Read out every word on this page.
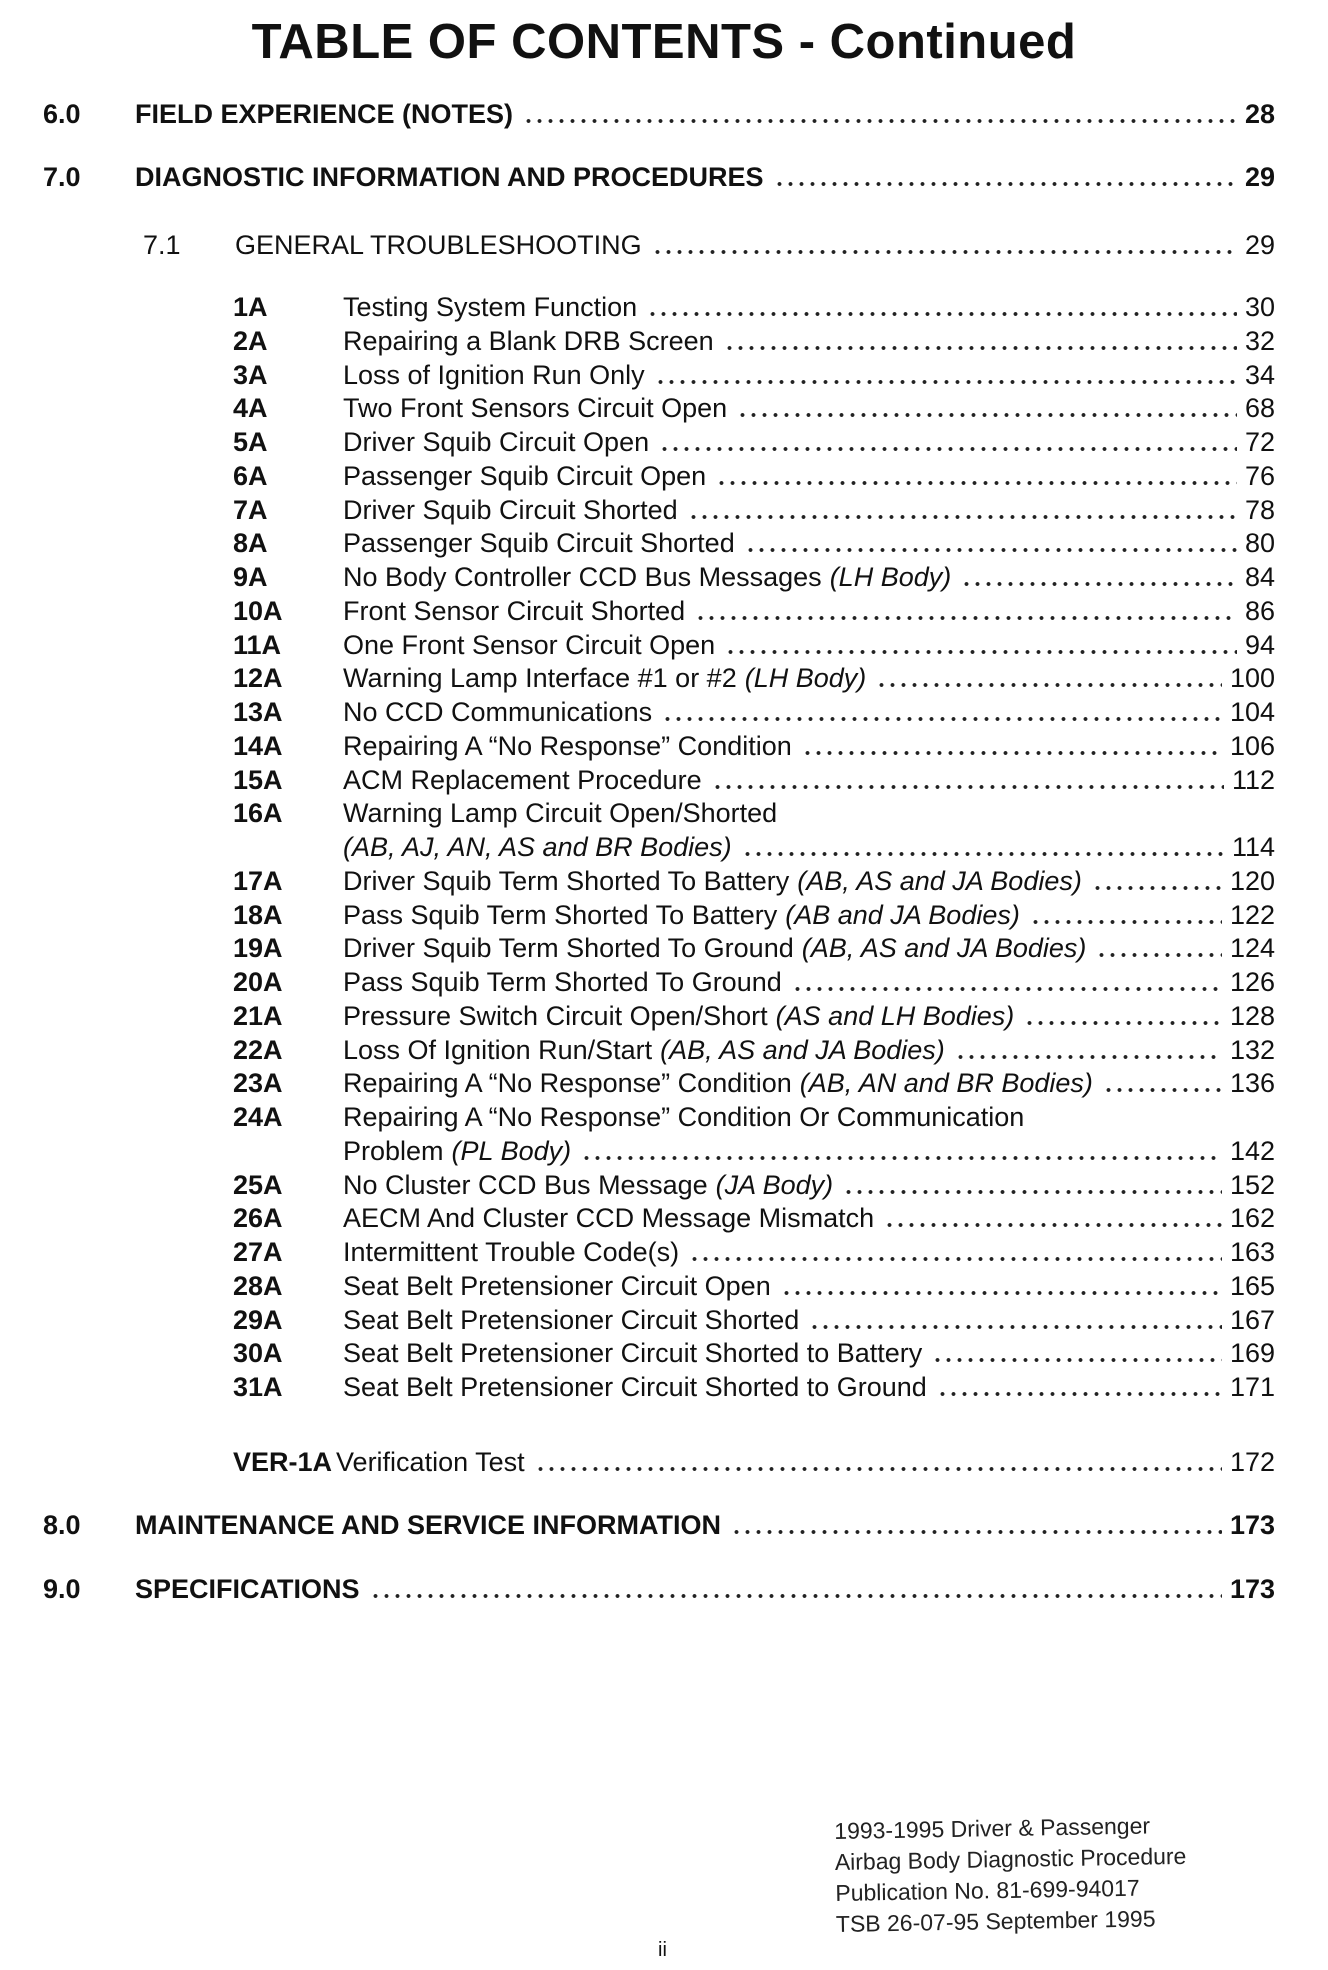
TABLE OF CONTENTS - Continued
6.0	FIELD EXPERIENCE (NOTES)	28
7.0	DIAGNOSTIC INFORMATION AND PROCEDURES	29
7.1	GENERAL TROUBLESHOOTING	29
1A	Testing System Function	30
2A	Repairing a Blank DRB Screen	32
3A	Loss of Ignition Run Only	34
4A	Two Front Sensors Circuit Open	68
5A	Driver Squib Circuit Open	72
6A	Passenger Squib Circuit Open	76
7A	Driver Squib Circuit Shorted	78
8A	Passenger Squib Circuit Shorted	80
9A	No Body Controller CCD Bus Messages (LH Body)	84
10A	Front Sensor Circuit Shorted	86
11A	One Front Sensor Circuit Open	94
12A	Warning Lamp Interface #1 or #2 (LH Body)	100
13A	No CCD Communications	104
14A	Repairing A “No Response” Condition	106
15A	ACM Replacement Procedure	112
16A	Warning Lamp Circuit Open/Shorted
(AB, AJ, AN, AS and BR Bodies)	114
17A	Driver Squib Term Shorted To Battery (AB, AS and JA Bodies)	120
18A	Pass Squib Term Shorted To Battery (AB and JA Bodies)	122
19A	Driver Squib Term Shorted To Ground (AB, AS and JA Bodies)	124
20A	Pass Squib Term Shorted To Ground	126
21A	Pressure Switch Circuit Open/Short (AS and LH Bodies)	128
22A	Loss Of Ignition Run/Start (AB, AS and JA Bodies)	132
23A	Repairing A “No Response” Condition (AB, AN and BR Bodies)	136
24A	Repairing A “No Response” Condition Or Communication
Problem (PL Body)	142
25A	No Cluster CCD Bus Message (JA Body)	152
26A	AECM And Cluster CCD Message Mismatch	162
27A	Intermittent Trouble Code(s)	163
28A	Seat Belt Pretensioner Circuit Open	165
29A	Seat Belt Pretensioner Circuit Shorted	167
30A	Seat Belt Pretensioner Circuit Shorted to Battery	169
31A	Seat Belt Pretensioner Circuit Shorted to Ground	171
VER-1A Verification Test	172
8.0	MAINTENANCE AND SERVICE INFORMATION	173
9.0	SPECIFICATIONS	173
1993-1995 Driver & Passenger
Airbag Body Diagnostic Procedure
Publication No. 81-699-94017
TSB 26-07-95 September 1995
ii
